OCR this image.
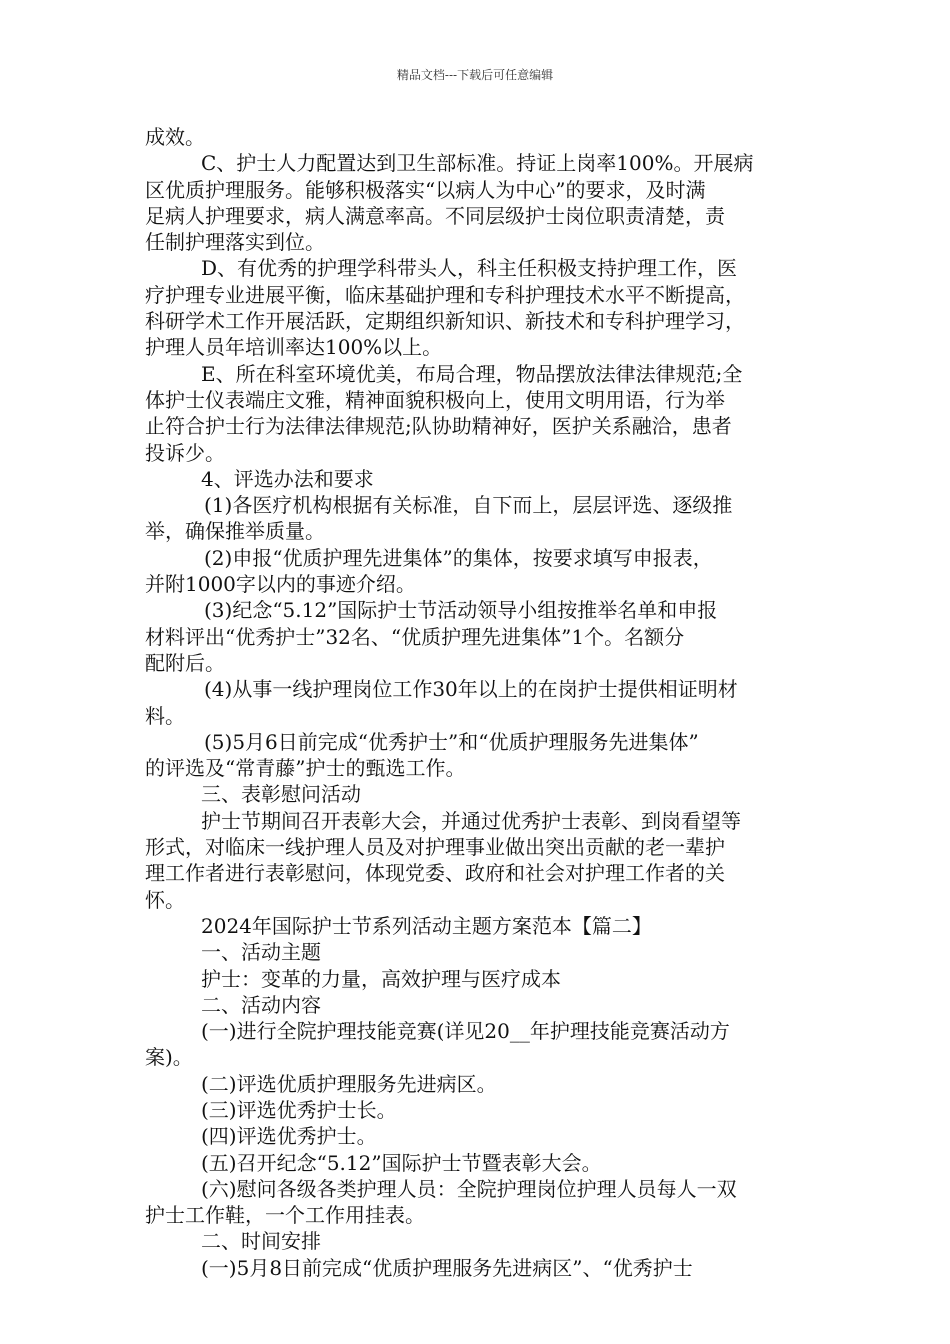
精品文档---下载后可任意编辑
成效。
C、护士人力配置达到卫生部标准。持证上岗率100%。开展病
区优质护理服务。能够积极落实“以病人为中心”的要求，及时满
足病人护理要求，病人满意率高。不同层级护士岗位职责清楚，责
任制护理落实到位。
D、有优秀的护理学科带头人，科主任积极支持护理工作，医
疗护理专业进展平衡，临床基础护理和专科护理技术水平不断提高，
科研学术工作开展活跃，定期组织新知识、新技术和专科护理学习，
护理人员年培训率达100%以上。
E、所在科室环境优美，布局合理，物品摆放法律法律规范;全
体护士仪表端庄文雅，精神面貌积极向上，使用文明用语，行为举
止符合护士行为法律法律规范;队协助精神好，医护关系融洽，患者
投诉少。
4、评选办法和要求
(1)各医疗机构根据有关标准，自下而上，层层评选、逐级推
举，确保推举质量。
(2)申报“优质护理先进集体”的集体，按要求填写申报表，
并附1000字以内的事迹介绍。
(3)纪念“5.12”国际护士节活动领导小组按推举名单和申报
材料评出“优秀护士”32名、“优质护理先进集体”1个。名额分
配附后。
(4)从事一线护理岗位工作30年以上的在岗护士提供相证明材
料。
(5)5月6日前完成“优秀护士”和“优质护理服务先进集体”
的评选及“常青藤”护士的甄选工作。
三、表彰慰问活动
护士节期间召开表彰大会，并通过优秀护士表彰、到岗看望等
形式，对临床一线护理人员及对护理事业做出突出贡献的老一辈护
理工作者进行表彰慰问，体现党委、政府和社会对护理工作者的关
怀。
2024年国际护士节系列活动主题方案范本【篇二】
一、活动主题
护士：变革的力量，高效护理与医疗成本
二、活动内容
(一)进行全院护理技能竞赛(详见20__年护理技能竞赛活动方
案)。
(二)评选优质护理服务先进病区。
(三)评选优秀护士长。
(四)评选优秀护士。
(五)召开纪念“5.12”国际护士节暨表彰大会。
(六)慰问各级各类护理人员：全院护理岗位护理人员每人一双
护士工作鞋，一个工作用挂表。
二、时间安排
(一)5月8日前完成“优质护理服务先进病区”、“优秀护士
